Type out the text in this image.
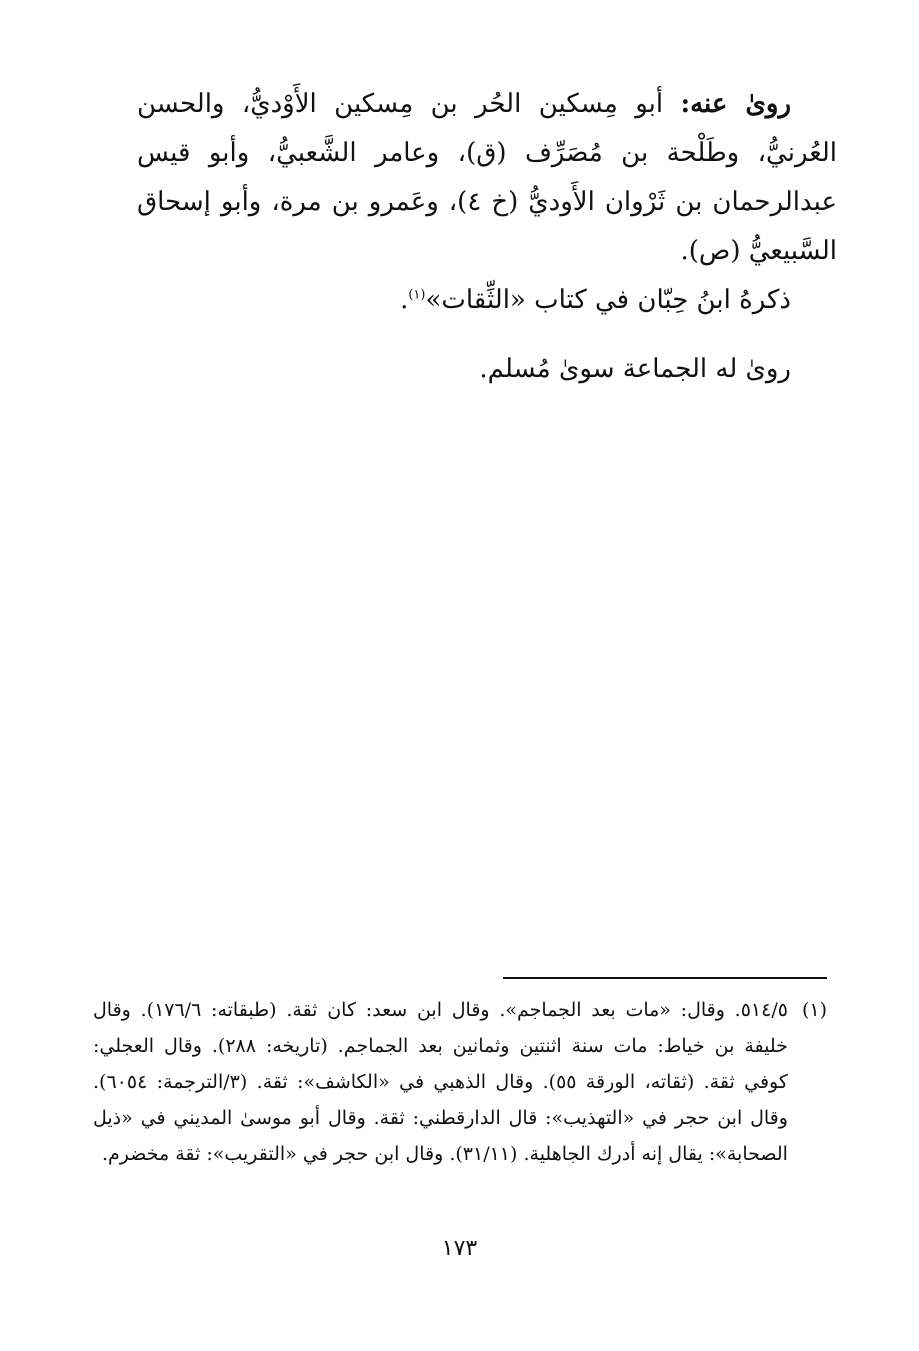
روىٰ عنه: أبو مِسكين الحُر بن مِسكين الأَوْديُّ، والحسن العُرنيُّ، وطَلْحة بن مُصَرِّف (ق)، وعامر الشَّعبيُّ، وأبو قيس عبدالرحمان بن ثَرْوان الأَوديُّ (خ ٤)، وعَمرو بن مرة، وأبو إسحاق السَّبيعيُّ (ص).

ذكرهُ ابنُ حِبّان في كتاب «الثِّقات»$^{(١)}$.

روىٰ له الجماعة سوىٰ مُسلم.

(١)
٥١٤/٥. وقال: «مات بعد الجماجم». وقال ابن سعد: كان ثقة. (طبقاته: ١٧٦/٦). وقال خليفة بن خياط: مات سنة اثنتين وثمانين بعد الجماجم. (تاريخه: ٢٨٨). وقال العجلي: كوفي ثقة. (ثقاته، الورقة ٥٥). وقال الذهبي في «الكاشف»: ثقة. (٣/الترجمة: ٦٠٥٤). وقال ابن حجر في «التهذيب»: قال الدارقطني: ثقة. وقال أبو موسىٰ المديني في «ذيل الصحابة»: يقال إنه أدرك الجاهلية. (٣١/١١). وقال ابن حجر في «التقريب»: ثقة مخضرم.
١٧٣
